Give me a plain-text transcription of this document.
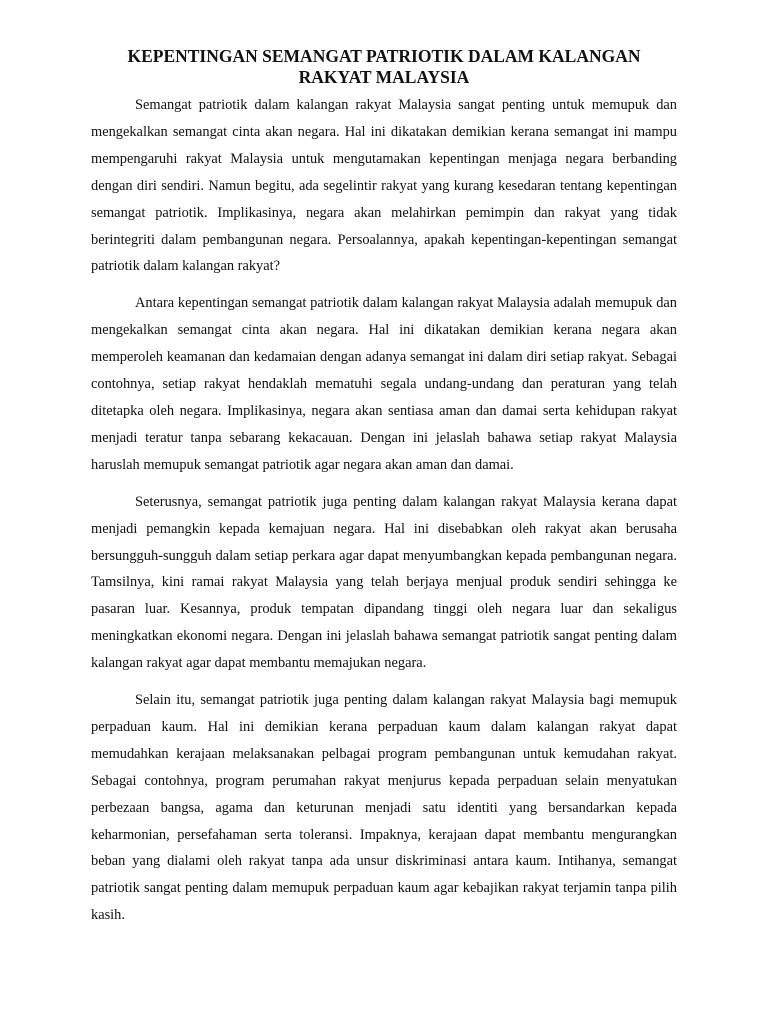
KEPENTINGAN SEMANGAT PATRIOTIK DALAM KALANGAN RAKYAT MALAYSIA

Semangat patriotik dalam kalangan rakyat Malaysia sangat penting untuk memupuk dan mengekalkan semangat cinta akan negara. Hal ini dikatakan demikian kerana semangat ini mampu mempengaruhi rakyat Malaysia untuk mengutamakan kepentingan menjaga negara berbanding dengan diri sendiri. Namun begitu, ada segelintir rakyat yang kurang kesedaran tentang kepentingan semangat patriotik. Implikasinya, negara akan melahirkan pemimpin dan rakyat yang tidak berintegriti dalam pembangunan negara. Persoalannya, apakah kepentingan-kepentingan semangat patriotik dalam kalangan rakyat?

Antara kepentingan semangat patriotik dalam kalangan rakyat Malaysia adalah memupuk dan mengekalkan semangat cinta akan negara. Hal ini dikatakan demikian kerana negara akan memperoleh keamanan dan kedamaian dengan adanya semangat ini dalam diri setiap rakyat. Sebagai contohnya, setiap rakyat hendaklah mematuhi segala undang-undang dan peraturan yang telah ditetapka oleh negara. Implikasinya, negara akan sentiasa aman dan damai serta kehidupan rakyat menjadi teratur tanpa sebarang kekacauan. Dengan ini jelaslah bahawa setiap rakyat Malaysia haruslah memupuk semangat patriotik agar negara akan aman dan damai.

Seterusnya, semangat patriotik juga penting dalam kalangan rakyat Malaysia kerana dapat menjadi pemangkin kepada kemajuan negara. Hal ini disebabkan oleh rakyat akan berusaha bersungguh-sungguh dalam setiap perkara agar dapat menyumbangkan kepada pembangunan negara. Tamsilnya, kini ramai rakyat Malaysia yang telah berjaya menjual produk sendiri sehingga ke pasaran luar. Kesannya, produk tempatan dipandang tinggi oleh negara luar dan sekaligus meningkatkan ekonomi negara. Dengan ini jelaslah bahawa semangat patriotik sangat penting dalam kalangan rakyat agar dapat membantu memajukan negara.

Selain itu, semangat patriotik juga penting dalam kalangan rakyat Malaysia bagi memupuk perpaduan kaum. Hal ini demikian kerana perpaduan kaum dalam kalangan rakyat dapat memudahkan kerajaan melaksanakan pelbagai program pembangunan untuk kemudahan rakyat. Sebagai contohnya, program perumahan rakyat menjurus kepada perpaduan selain menyatukan perbezaan bangsa, agama dan keturunan menjadi satu identiti yang bersandarkan kepada keharmonian, persefahaman serta toleransi. Impaknya, kerajaan dapat membantu mengurangkan beban yang dialami oleh rakyat tanpa ada unsur diskriminasi antara kaum. Intihanya, semangat patriotik sangat penting dalam memupuk perpaduan kaum agar kebajikan rakyat terjamin tanpa pilih kasih.
